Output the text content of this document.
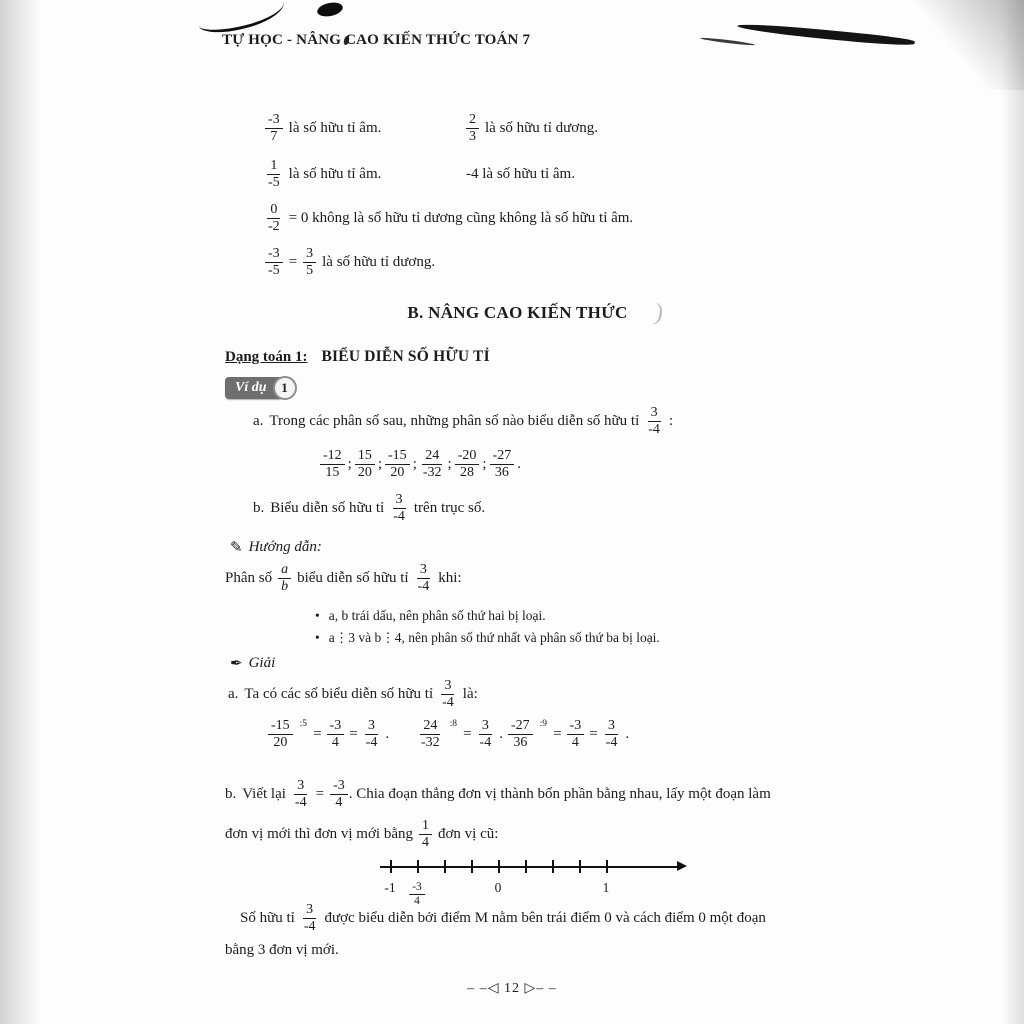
)
TỰ HỌC - NÂNG CAO KIẾN THỨC TOÁN 7
$\frac{-3}{7}$ là số hữu tỉ âm.	$\frac{2}{3}$ là số hữu tỉ dương.
$\frac{1}{-5}$ là số hữu tỉ âm.	-4 là số hữu tỉ âm.
$\frac{0}{-2} = 0$ không là số hữu tỉ dương cũng không là số hữu tỉ âm.
$\frac{-3}{-5} = \frac{3}{5}$ là số hữu tỉ dương.
B. NÂNG CAO KIẾN THỨC
Dạng toán 1: BIỂU DIỄN SỐ HỮU TỈ
Ví dụ	1
a. Trong các phân số sau, những phân số nào biểu diễn số hữu tỉ $\frac{3}{-4}$ :
$\frac{-12}{15}$ ; $\frac{15}{20}$ ; $\frac{-15}{20}$ ; $\frac{24}{-32}$ ; $\frac{-20}{28}$ ; $\frac{-27}{36}$ .
b. Biểu diễn số hữu tỉ $\frac{3}{-4}$ trên trục số.
✎ Hướng dẫn:
Phân số $\frac{a}{b}$ biểu diễn số hữu tỉ $\frac{3}{-4}$ khi:
• a, b trái dấu, nên phân số thứ hai bị loại.
• a⋮3 và b⋮4, nên phân số thứ nhất và phân số thứ ba bị loại.
✒ Giải
a. Ta có các số biểu diễn số hữu tỉ $\frac{3}{-4}$ là:
$\frac{-15}{20}$ :5
= $\frac{-3}{4} = \frac{3}{-4}$ . $\frac{24}{-32}$ :8
= $\frac{3}{-4}$ . $\frac{-27}{36}$ :9
= $\frac{-3}{4} = \frac{3}{-4}$ .
b. Viết lại $\frac{3}{-4} = \frac{-3}{4}$ . Chia đoạn thẳng đơn vị thành bốn phần bằng nhau, lấy một đoạn làm
đơn vị mới thì đơn vị mới bằng $\frac{1}{4}$ đơn vị cũ:
$-1 \frac{-3}{4}$	0	1
Số hữu tỉ $\frac{3}{-4}$ được biểu diễn bởi điểm M nằm bên trái điểm 0 và cách điểm 0 một đoạn
bằng 3 đơn vị mới.
– –◁ 12 ▷– –
